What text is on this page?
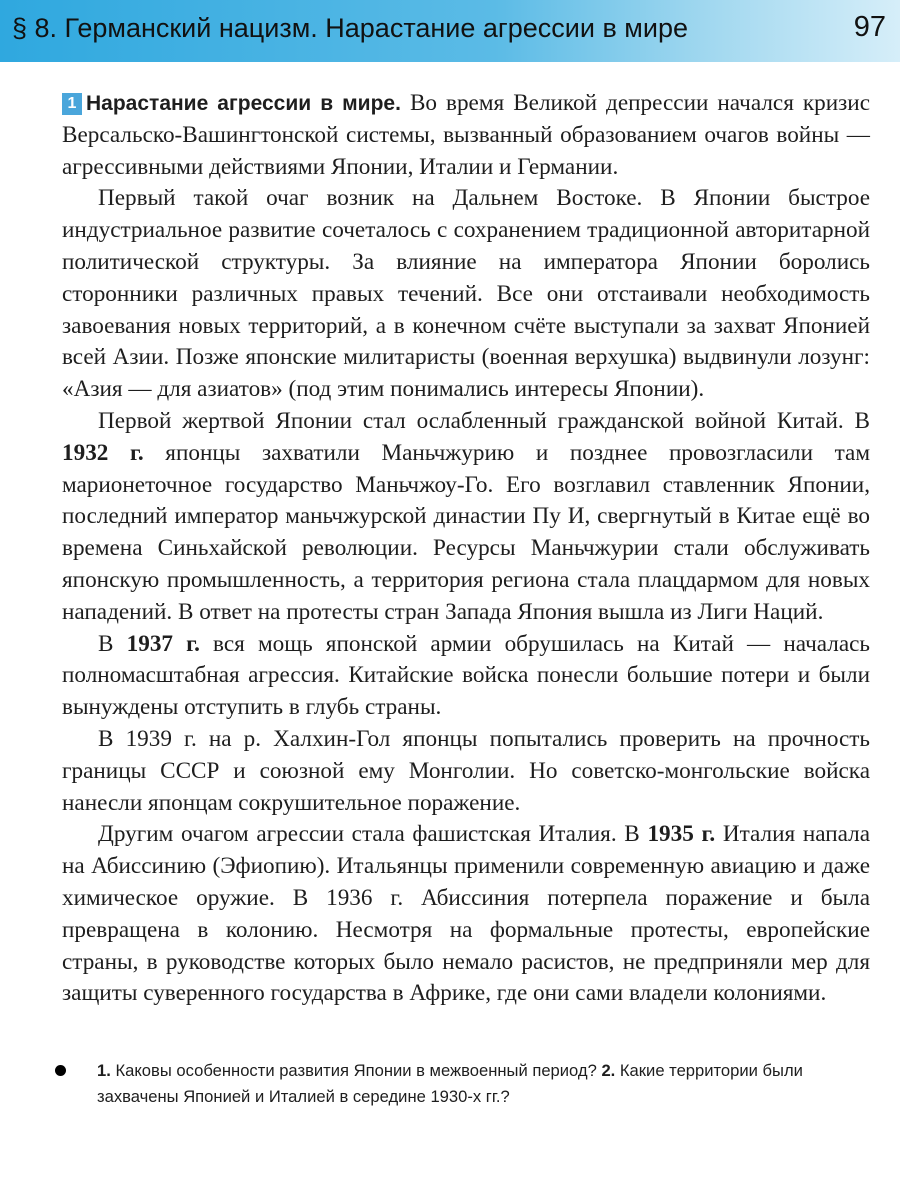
§ 8. Германский нацизм. Нарастание агрессии в мире	97

1 Нарастание агрессии в мире. Во время Великой депрессии начался кризис Версальско-Вашингтонской системы, вызванный образованием очагов войны — агрессивными действиями Японии, Италии и Германии.

Первый такой очаг возник на Дальнем Востоке. В Японии быстрое индустриальное развитие сочеталось с сохранением традиционной авторитарной политической структуры. За влияние на императора Японии боролись сторонники различных правых течений. Все они отстаивали необходимость завоевания новых территорий, а в конечном счёте выступали за захват Японией всей Азии. Позже японские милитаристы (военная верхушка) выдвинули лозунг: «Азия — для азиатов» (под этим понимались интересы Японии).

Первой жертвой Японии стал ослабленный гражданской войной Китай. В 1932 г. японцы захватили Маньчжурию и позднее провозгласили там марионеточное государство Маньчжоу-Го. Его возглавил ставленник Японии, последний император маньчжурской династии Пу И, свергнутый в Китае ещё во времена Синьхайской революции. Ресурсы Маньчжурии стали обслуживать японскую промышленность, а территория региона стала плацдармом для новых нападений. В ответ на протесты стран Запада Япония вышла из Лиги Наций.

В 1937 г. вся мощь японской армии обрушилась на Китай — началась полномасштабная агрессия. Китайские войска понесли большие потери и были вынуждены отступить в глубь страны.

В 1939 г. на р. Халхин-Гол японцы попытались проверить на прочность границы СССР и союзной ему Монголии. Но советско-монгольские войска нанесли японцам сокрушительное поражение.

Другим очагом агрессии стала фашистская Италия. В 1935 г. Италия напала на Абиссинию (Эфиопию). Итальянцы применили современную авиацию и даже химическое оружие. В 1936 г. Абиссиния потерпела поражение и была превращена в колонию. Несмотря на формальные протесты, европейские страны, в руководстве которых было немало расистов, не предприняли мер для защиты суверенного государства в Африке, где они сами владели колониями.

1. Каковы особенности развития Японии в межвоенный период? 2. Какие территории были захвачены Японией и Италией в середине 1930-х гг.?
